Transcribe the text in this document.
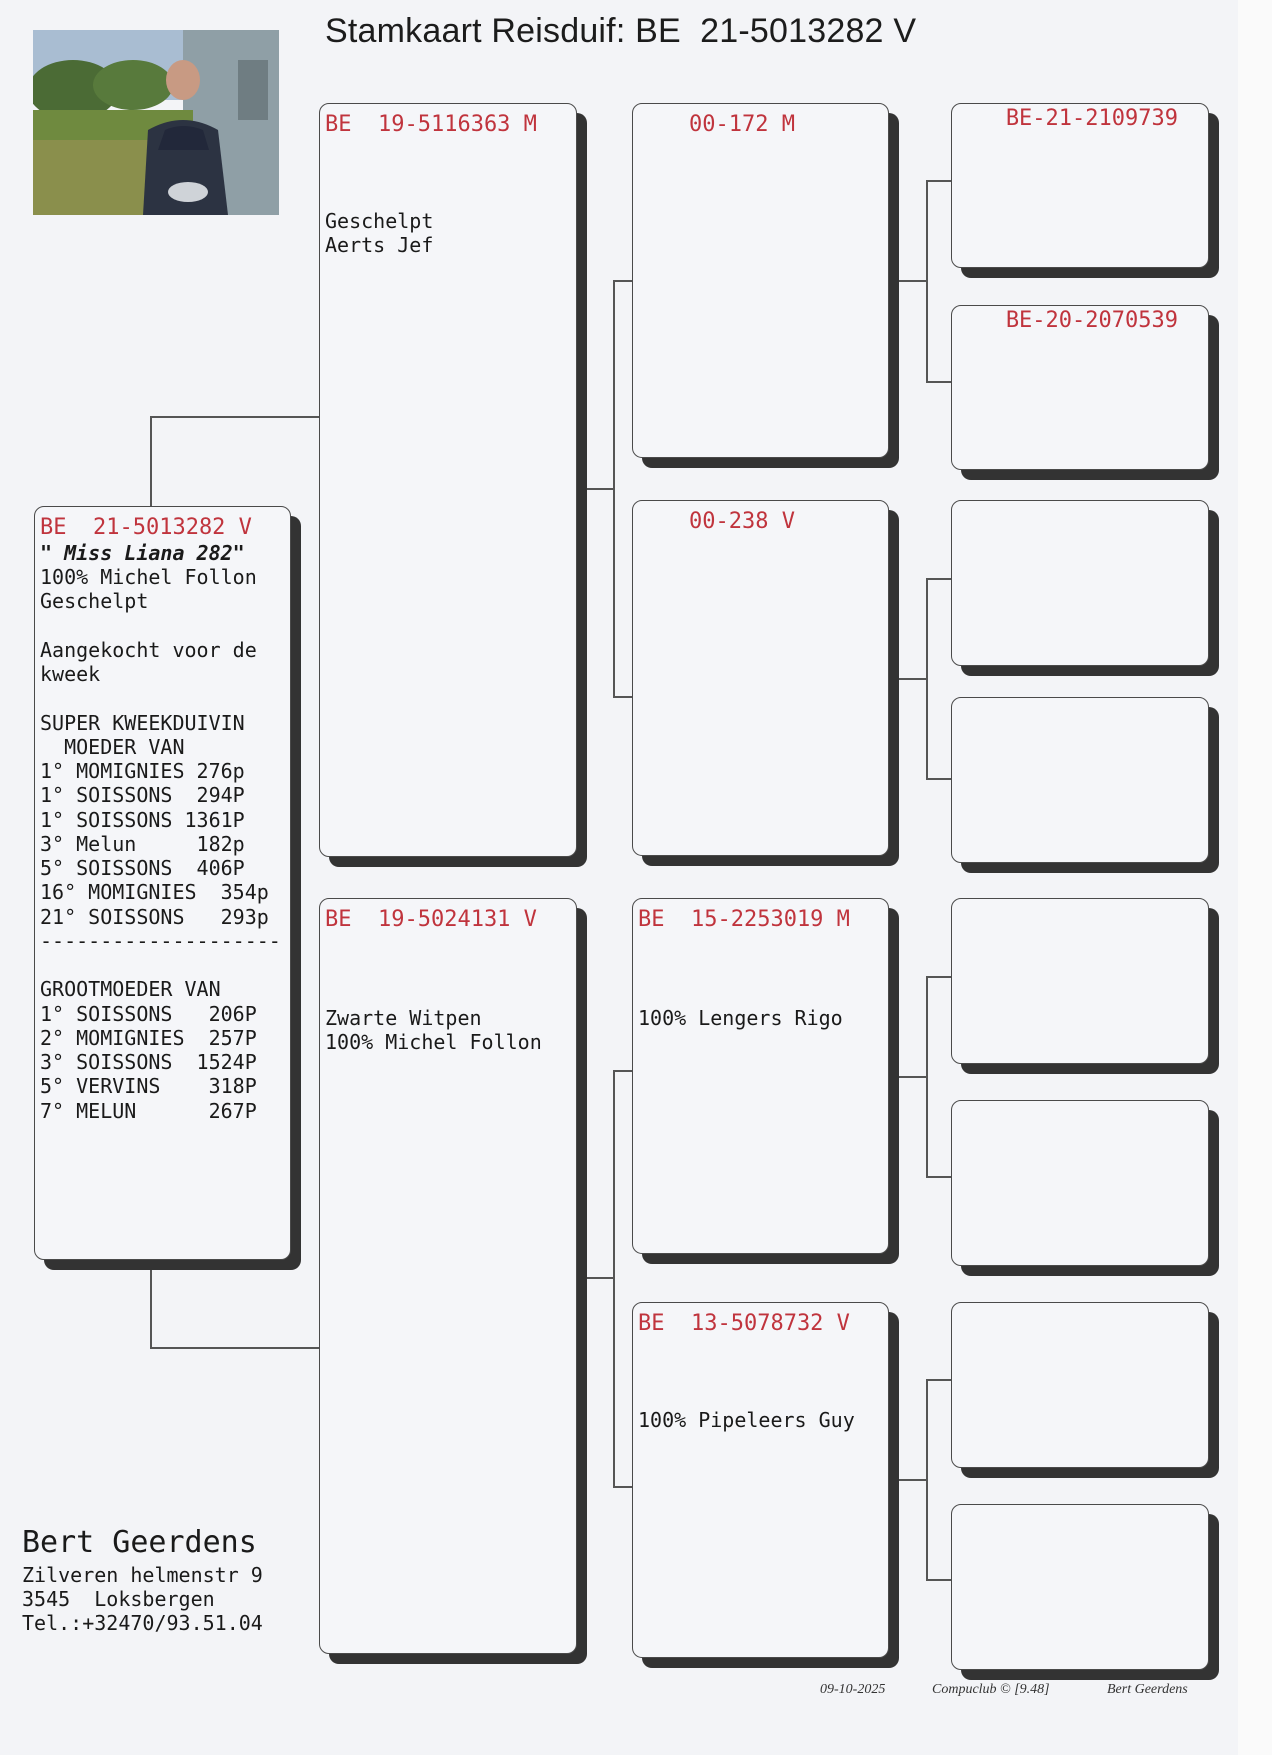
Stamkaart Reisduif: BE  21-5013282 V
BE  21-5013282 V
" Miss Liana 282"
100% Michel Follon
Geschelpt
Aangekocht voor de
kweek
SUPER KWEEKDUIVIN
MOEDER VAN
1° MOMIGNIES 276p
1° SOISSONS  294P
1° SOISSONS 1361P
3° Melun     182p
5° SOISSONS  406P
16° MOMIGNIES  354p
21° SOISSONS   293p
--------------------
GROOTMOEDER VAN
1° SOISSONS   206P
2° MOMIGNIES  257P
3° SOISSONS  1524P
5° VERVINS    318P
7° MELUN      267P
BE  19-5116363 M
Geschelpt
Aerts Jef
BE  19-5024131 V
Zwarte Witpen
100% Michel Follon
00-172 M
00-238 V
BE  15-2253019 M
100% Lengers Rigo
BE  13-5078732 V
100% Pipeleers Guy
BE-21-2109739
BE-20-2070539
Bert Geerdens
Zilveren helmenstr 9
3545  Loksbergen
Tel.:+32470/93.51.04
09-10-2025	Compuclub © [9.48]	Bert Geerdens
